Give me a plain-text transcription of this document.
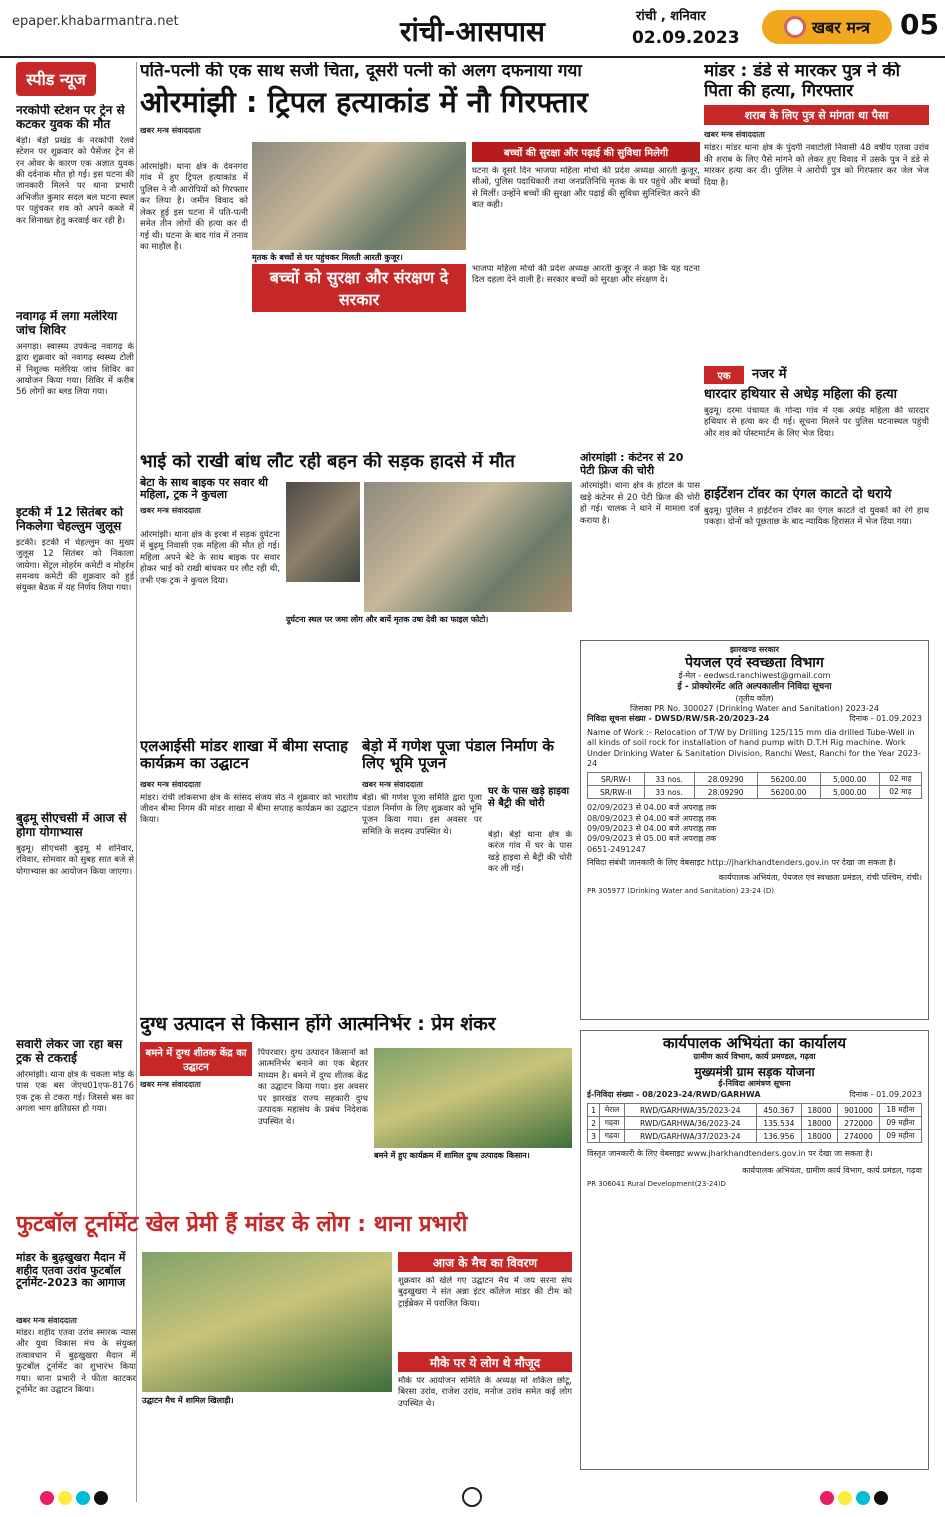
epaper.khabarmantra.net	रांची-आसपास	रांची , शनिवार
02.09.2023
खबर मन्त्र 05
स्पीड न्यूज
नरकोपी स्टेशन पर ट्रेन से कटकर युवक की मौत
बेड़ो। बेड़ो प्रखंड के नरकोपी रेलवे स्टेशन पर शुक्रवार को पैसेंजर ट्रेन से रन ओवर के कारण एक अज्ञात युवक की दर्दनाक मौत हो गई। इस घटना की जानकारी मिलने पर थाना प्रभारी अभिजीत कुमार सदल बल घटना स्थल पर पहुंचकर शव को अपने कब्जे में कर शिनाख्त हेतु करवाई कर रही है।
नवागढ़ में लगा मलेरिया जांच शिविर
अनगड़ा। स्वास्थ्य उपकेन्द्र नवागढ़ के द्वारा शुक्रवार को नवागढ़ स्वस्थ्य टोली में निशुल्क मलेरिया जांच शिविर का आयोजन किया गया। शिविर में करीब 56 लोगों का ब्लड लिया गया।
इटकी में 12 सितंबर को निकलेगा चेहल्लुम जुलूस
इटकी। इटकी में चेहल्लुम का मुख्य जुलूस 12 सितंबर को निकाला जायेगा। सेंट्रल मोहर्रम कमेटी व मोहर्रम समन्वय कमेटी की शुक्रवार को हुई संयुक्त बैठक में यह निर्णय लिया गया।
बुढ़मू सीएचसी में आज से होगा योगाभ्यास
बुढ़मू। सीएचसी बुढ़मू में शनिवार, रविवार, सोमवार को सुबह सात बजे से योगाभ्यास का आयोजन किया जाएगा।
सवारी लेकर जा रहा बस ट्रक से टकराई
ओरमांझी। थाना क्षेत्र के चकला मोड़ के पास एक बस जेएच01एफ-8176 एक ट्रक से टकरा गई। जिससे बस का अगला भाग क्षतिग्रस्त हो गया।
पति-पत्नी की एक साथ सजी चिता, दूसरी पत्नी को अलग दफनाया गया
ओरमांझी : ट्रिपल हत्याकांड में नौ गिरफ्तार
खबर मन्त्र संवाददाता
ओरमांझी। थाना क्षेत्र के देवनगरा गांव में हुए ट्रिपल हत्याकांड में पुलिस ने नौ आरोपियों को गिरफ्तार कर लिया है। जमीन विवाद को लेकर हुई इस घटना में पति-पत्नी समेत तीन लोगों की हत्या कर दी गई थी। घटना के बाद गांव में तनाव का माहौल है।
मृतक के बच्चों से घर पहुंचकर मिलती आरती कुजूर।
बच्चों की सुरक्षा और पढ़ाई की सुविधा मिलेगी
घटना के दूसरे दिन भाजपा महिला मोर्चा की प्रदेश अध्यक्ष आरती कुजूर, सीओ, पुलिस पदाधिकारी तथा जनप्रतिनिधि मृतक के घर पहुंचे और बच्चों से मिलीं। उन्होंने बच्चों की सुरक्षा और पढ़ाई की सुविधा सुनिश्चित करने की बात कही।
बच्चों को सुरक्षा और संरक्षण दे सरकार
भाजपा महिला मोर्चा की प्रदेश अध्यक्ष आरती कुजूर ने कहा कि यह घटना दिल दहला देने वाली है। सरकार बच्चों को सुरक्षा और संरक्षण दे।
मांडर : डंडे से मारकर पुत्र ने की पिता की हत्या, गिरफ्तार
शराब के लिए पुत्र से मांगता था पैसा
खबर मन्त्र संवाददाता
मांडर। मांडर थाना क्षेत्र के पुंदगी नवाटोली निवासी 48 वर्षीय एतवा उरांव की शराब के लिए पैसे मांगने को लेकर हुए विवाद में उसके पुत्र ने डंडे से मारकर हत्या कर दी। पुलिस ने आरोपी पुत्र को गिरफ्तार कर जेल भेज दिया है।
एक	नजर में
धारदार हथियार से अधेड़ महिला की हत्या
बुढ़मू। दरमा पंचायत के गोन्दा गांव में एक अधेड़ महिला की धारदार हथियार से हत्या कर दी गई। सूचना मिलने पर पुलिस घटनास्थल पहुंची और शव को पोस्टमार्टम के लिए भेज दिया।
हाईटेंशन टॉवर का एंगल काटते दो धराये
बुढ़मू। पुलिस ने हाईटेंशन टॉवर का एंगल काटते दो युवकों को रंगे हाथ पकड़ा। दोनों को पूछताछ के बाद न्यायिक हिरासत में भेज दिया गया।
भाई को राखी बांध लौट रही बहन की सड़क हादसे में मौत
बेटा के साथ बाइक पर सवार थी महिला, ट्रक ने कुचला
खबर मन्त्र संवाददाता
ओरमांझी। थाना क्षेत्र के इरबा में सड़क दुर्घटना में बुढ़मू निवासी एक महिला की मौत हो गई। महिला अपने बेटे के साथ बाइक पर सवार होकर भाई को राखी बांधकर घर लौट रही थी, तभी एक ट्रक ने कुचल दिया।
दुर्घटना स्थल पर जमा लोग और बायें मृतक उषा देवी का फाइल फोटो।
ओरमांझी : कंटेनर से 20 पेटी फ्रिज की चोरी
ओरमांझी। थाना क्षेत्र के होटल के पास खड़े कंटेनर से 20 पेटी फ्रिज की चोरी हो गई। चालक ने थाने में मामला दर्ज कराया है।
एलआईसी मांडर शाखा में बीमा सप्ताह कार्यक्रम का उद्घाटन
खबर मन्त्र संवाददाता
मांडर। रांची लोकसभा क्षेत्र के सांसद संजय सेठ ने शुक्रवार को भारतीय जीवन बीमा निगम की मांडर शाखा में बीमा सप्ताह कार्यक्रम का उद्घाटन किया।
बेड़ो में गणेश पूजा पंडाल निर्माण के लिए भूमि पूजन
खबर मन्त्र संवाददाता
बेड़ो। श्री गणेश पूजा समिति द्वारा पूजा पंडाल निर्माण के लिए शुक्रवार को भूमि पूजन किया गया। इस अवसर पर समिति के सदस्य उपस्थित थे।
घर के पास खड़े हाइवा से बैट्री की चोरी
बेड़ो। बेड़ो थाना क्षेत्र के करंज गांव में घर के पास खड़े हाइवा से बैट्री की चोरी कर ली गई।
झारखण्ड सरकार
पेयजल एवं स्वच्छता विभाग
ई-मेल - eedwsd.ranchiwest@gmail.com
ई - प्रोक्योरमेंट अति अल्पकालीन निविदा सूचना
(तृतीय कॉल)
जिसका PR No. 300027 (Drinking Water and Sanitation) 2023-24
निविदा सूचना संख्या - DWSD/RW/SR-20/2023-24	दिनांक - 01.09.2023
Name of Work :- Relocation of T/W by Drilling 125/115 mm dia drilled Tube-Well in all kinds of soil rock for installation of hand pump with D.T.H Rig machine. Work Under Drinking Water & Sanitation Division, Ranchi West, Ranchi for the Year 2023-24
SR/RW-I	33 nos.	28.09290	56200.00	5,000.00	02 माह
SR/RW-II	33 nos.	28.09290	56200.00	5,000.00	02 माह
02/09/2023 से 04.00 बजे अपराह्न तक
08/09/2023 से 04.00 बजे अपराह्न तक
09/09/2023 से 04.00 बजे अपराह्न तक
09/09/2023 से 05.00 बजे अपराह्न तक
0651-2491247
निविदा संबंधी जानकारी के लिए वेबसाइट http://jharkhandtenders.gov.in पर देखा जा सकता है।
कार्यपालक अभियंता, पेयजल एवं स्वच्छता प्रमंडल, रांची पश्चिम, रांची।
PR 305977 (Drinking Water and Sanitation) 23-24 (D)
दुग्ध उत्पादन से किसान होंगे आत्मनिर्भर : प्रेम शंकर
बमने में दुग्ध शीतक केंद्र का उद्घाटन
खबर मन्त्र संवाददाता
पिपरवार। दुग्ध उत्पादन किसानों को आत्मनिर्भर बनाने का एक बेहतर माध्यम है। बमने में दुग्ध शीतक केंद्र का उद्घाटन किया गया। इस अवसर पर झारखंड राज्य सहकारी दुग्ध उत्पादक महासंघ के प्रबंध निदेशक उपस्थित थे।
बमने में हुए कार्यक्रम में शामिल दुग्ध उत्पादक किसान।
कार्यपालक अभियंता का कार्यालय
ग्रामीण कार्य विभाग, कार्य प्रमण्डल, गढ़वा
मुख्यमंत्री ग्राम सड़क योजना
ई-निविदा आमंत्रण सूचना
ई-निविदा संख्या - 08/2023-24/RWD/GARHWA	दिनांक - 01.09.2023
1	मेराल	RWD/GARHWA/35/2023-24	450.367	18000	901000	18 महीना
2	गढ़वा	RWD/GARHWA/36/2023-24	135.534	18000	272000	09 महीना
3	गढ़वा	RWD/GARHWA/37/2023-24	136.956	18000	274000	09 महीना
विस्तृत जानकारी के लिए वेबसाइट www.jharkhandtenders.gov.in पर देखा जा सकता है।
कार्यपालक अभियंता, ग्रामीण कार्य विभाग, कार्य प्रमंडल, गढ़वा
PR 306041 Rural Development(23-24)D
फुटबॉल टूर्नामेंट खेल प्रेमी हैं मांडर के लोग : थाना प्रभारी
मांडर के बुढ़खुखरा मैदान में शहीद एतवा उरांव फुटबॉल टूर्नामेंट-2023 का आगाज
खबर मन्त्र संवाददाता
मांडर। शहीद एतवा उरांव स्मारक न्यास और युवा विकास मंच के संयुक्त तत्वावधान में बुढ़खुखरा मैदान में फुटबॉल टूर्नामेंट का शुभारंभ किया गया। थाना प्रभारी ने फीता काटकर टूर्नामेंट का उद्घाटन किया।
उद्घाटन मैच में शामिल खिलाड़ी।
आज के मैच का विवरण
शुक्रवार को खेले गए उद्घाटन मैच में जय सरना संघ बुढ़खुखरा ने संत अन्ना इंटर कॉलेज मांडर की टीम को ट्राईब्रेकर में पराजित किया।
मौके पर ये लोग थे मौजूद
मौके पर आयोजन समिति के अध्यक्ष मो शकिल छोटू, बिरसा उरांव, राजेश उरांव, मनोज उरांव समेत कई लोग उपस्थित थे।
